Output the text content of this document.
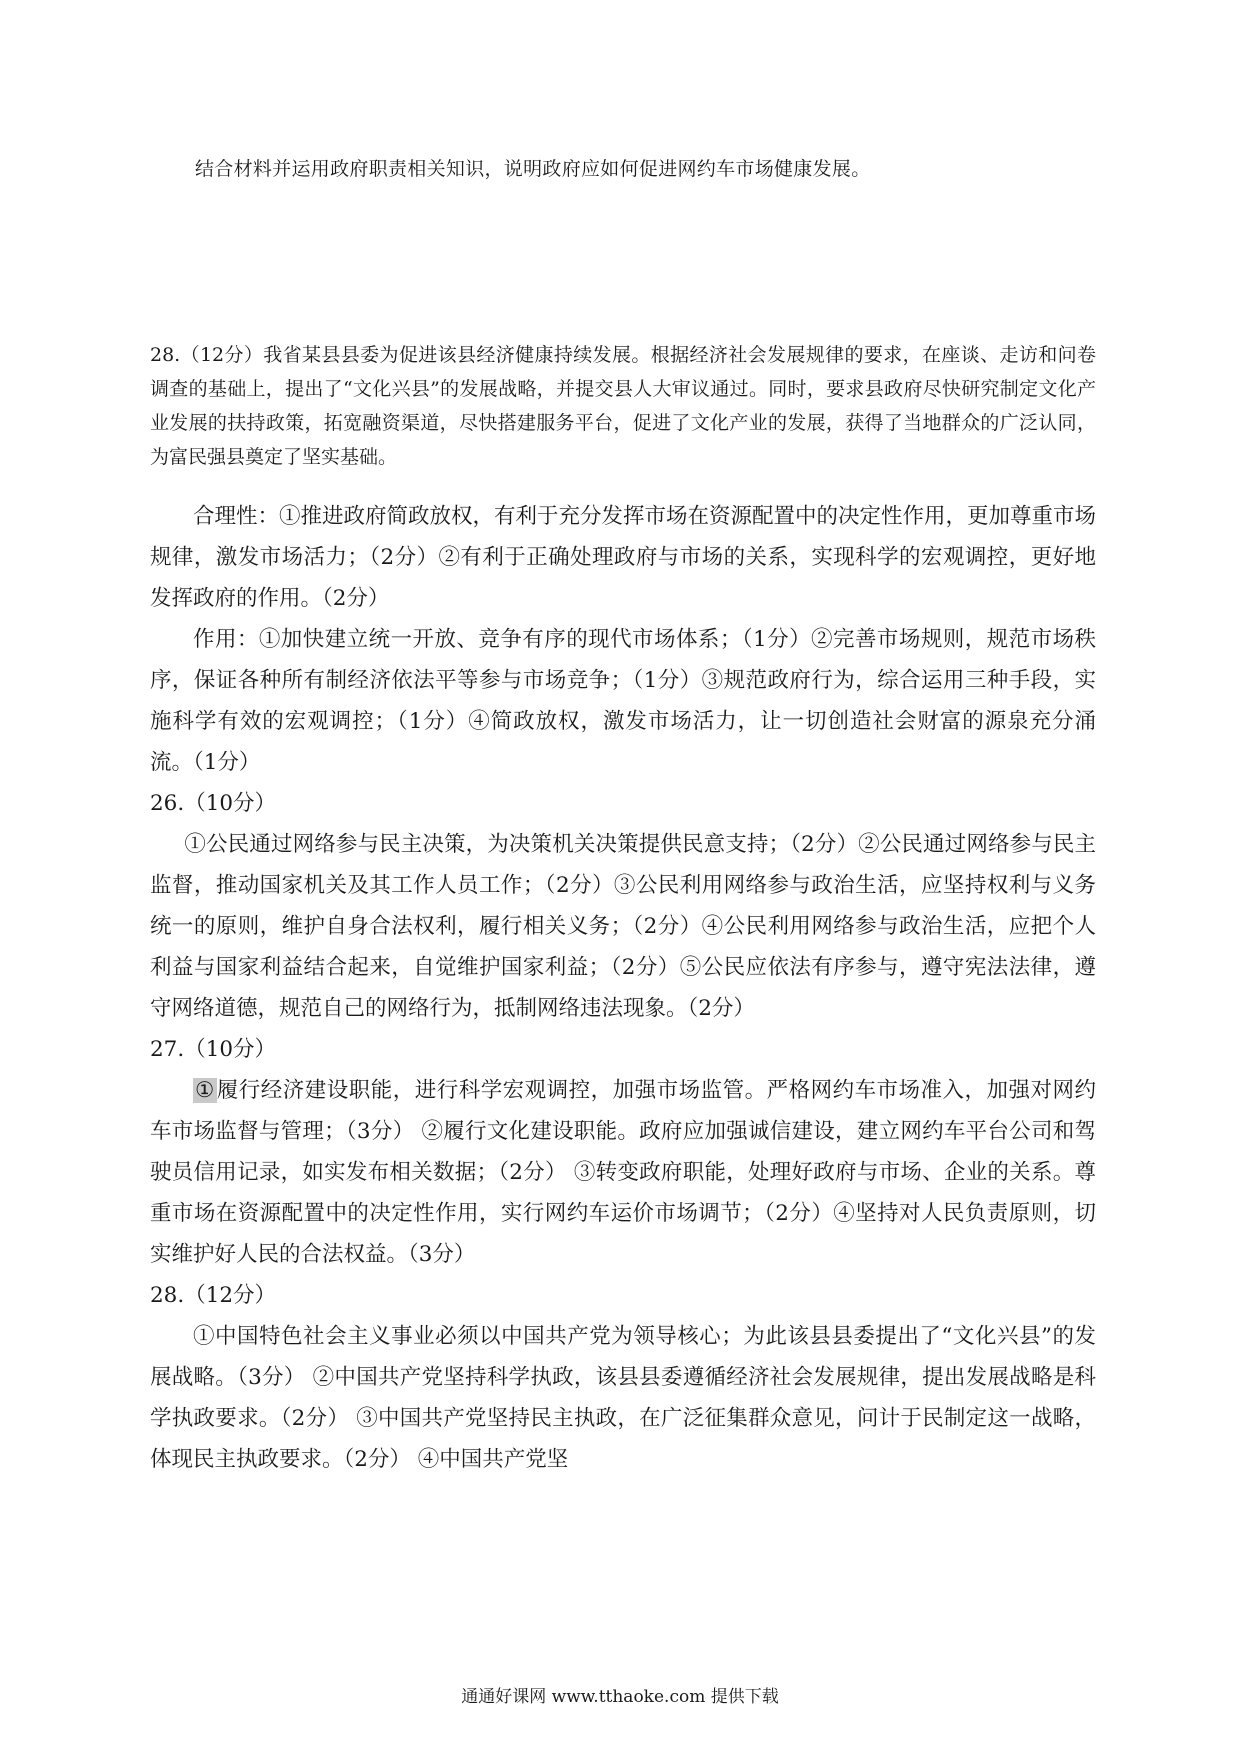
结合材料并运用政府职责相关知识，说明政府应如何促进网约车市场健康发展。
28.（12分）我省某县县委为促进该县经济健康持续发展。根据经济社会发展规律的要求，在座谈、走访和问卷调查的基础上，提出了“文化兴县”的发展战略，并提交县人大审议通过。同时，要求县政府尽快研究制定文化产业发展的扶持政策，拓宽融资渠道，尽快搭建服务平台，促进了文化产业的发展，获得了当地群众的广泛认同，为富民强县奠定了坚实基础。

合理性：①推进政府简政放权，有利于充分发挥市场在资源配置中的决定性作用，更加尊重市场规律，激发市场活力；（2分）②有利于正确处理政府与市场的关系，实现科学的宏观调控，更好地发挥政府的作用。（2分）

作用：①加快建立统一开放、竞争有序的现代市场体系；（1分）②完善市场规则，规范市场秩序，保证各种所有制经济依法平等参与市场竞争；（1分）③规范政府行为，综合运用三种手段，实施科学有效的宏观调控；（1分）④简政放权，激发市场活力，让一切创造社会财富的源泉充分涌流。（1分）

26.（10分）

①公民通过网络参与民主决策，为决策机关决策提供民意支持；（2分）②公民通过网络参与民主监督，推动国家机关及其工作人员工作；（2分）③公民利用网络参与政治生活，应坚持权利与义务统一的原则，维护自身合法权利，履行相关义务；（2分）④公民利用网络参与政治生活，应把个人利益与国家利益结合起来，自觉维护国家利益；（2分）⑤公民应依法有序参与，遵守宪法法律，遵守网络道德，规范自己的网络行为，抵制网络违法现象。（2分）

27.（10分）

①履行经济建设职能，进行科学宏观调控，加强市场监管。严格网约车市场准入，加强对网约车市场监督与管理；（3分） ②履行文化建设职能。政府应加强诚信建设，建立网约车平台公司和驾驶员信用记录，如实发布相关数据；（2分） ③转变政府职能，处理好政府与市场、企业的关系。尊重市场在资源配置中的决定性作用，实行网约车运价市场调节；（2分）④坚持对人民负责原则，切实维护好人民的合法权益。（3分）

28.（12分）

①中国特色社会主义事业必须以中国共产党为领导核心；为此该县县委提出了“文化兴县”的发展战略。（3分） ②中国共产党坚持科学执政，该县县委遵循经济社会发展规律，提出发展战略是科学执政要求。（2分） ③中国共产党坚持民主执政，在广泛征集群众意见，问计于民制定这一战略，体现民主执政要求。（2分） ④中国共产党坚

通通好课网 www.tthaoke.com 提供下载
